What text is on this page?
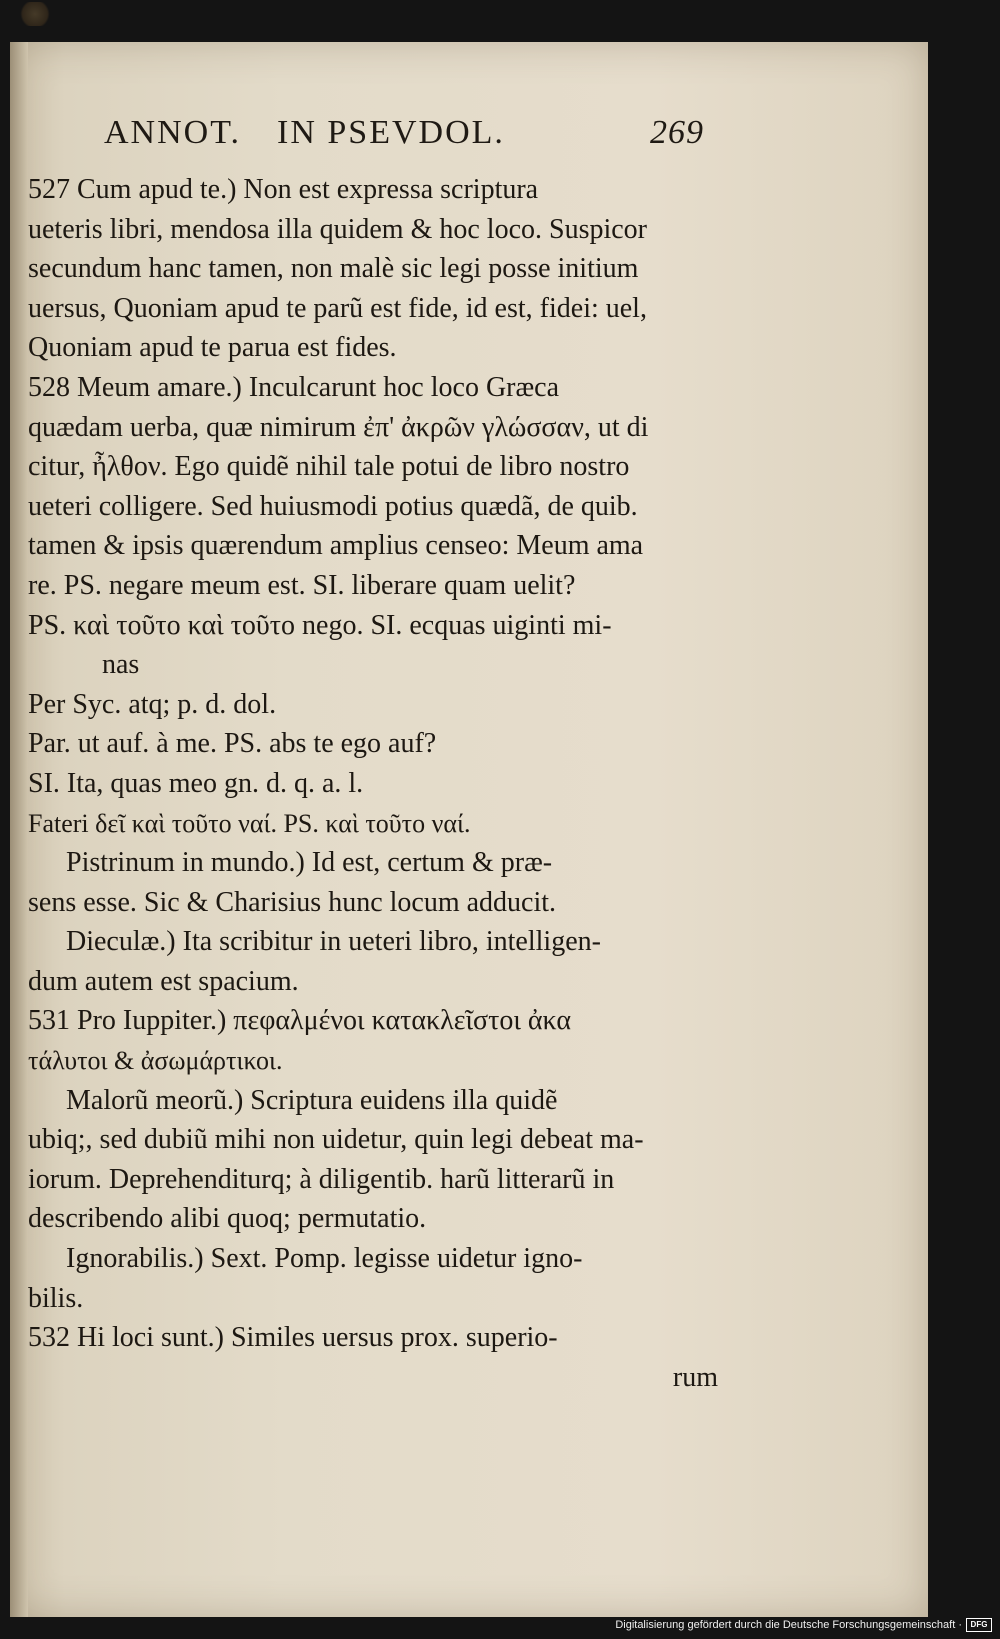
ANNOT. IN PSEVDOL.	269
527 Cum apud te.) Non est expressa scriptura
ueteris libri, mendosa illa quidem & hoc loco. Suspicor
secundum hanc tamen, non malè sic legi posse initium
uersus, Quoniam apud te parũ est fide, id est, fidei: uel,
Quoniam apud te parua est fides.
528 Meum amare.) Inculcarunt hoc loco Græca
quædam uerba, quæ nimirum ἐπ' ἀκρῶν γλώσσαν, ut di
citur, ἦλθον. Ego quidẽ nihil tale potui de libro nostro
ueteri colligere. Sed huiusmodi potius quædã, de quib.
tamen & ipsis quærendum amplius censeo: Meum ama
re. PS. negare meum est. SI. liberare quam uelit?
PS. καὶ τοῦτο καὶ τοῦτο nego. SI. ecquas uiginti mi-
nas
Per Syc. atq; p. d. dol.
Par. ut auf. à me. PS. abs te ego auf?
SI. Ita, quas meo gn. d. q. a. l.
Fateri δεῖ καὶ τοῦτο ναί. PS. καὶ τοῦτο ναί.
Pistrinum in mundo.) Id est, certum & præ-
sens esse. Sic & Charisius hunc locum adducit.
Dieculæ.) Ita scribitur in ueteri libro, intelligen-
dum autem est spacium.
531 Pro Iuppiter.) πεφαλμένοι κατακλεῖστοι ἀκα
τάλυτοι & ἀσωμάρτικοι.
Malorũ meorũ.) Scriptura euidens illa quidẽ
ubiq;, sed dubiũ mihi non uidetur, quin legi debeat ma-
iorum. Deprehenditurq; à diligentib. harũ litterarũ in
describendo alibi quoq; permutatio.
Ignorabilis.) Sext. Pomp. legisse uidetur igno-
bilis.
532 Hi loci sunt.) Similes uersus prox. superio-
rum
Digitalisierung gefördert durch die Deutsche Forschungsgemeinschaft ·	DFG
